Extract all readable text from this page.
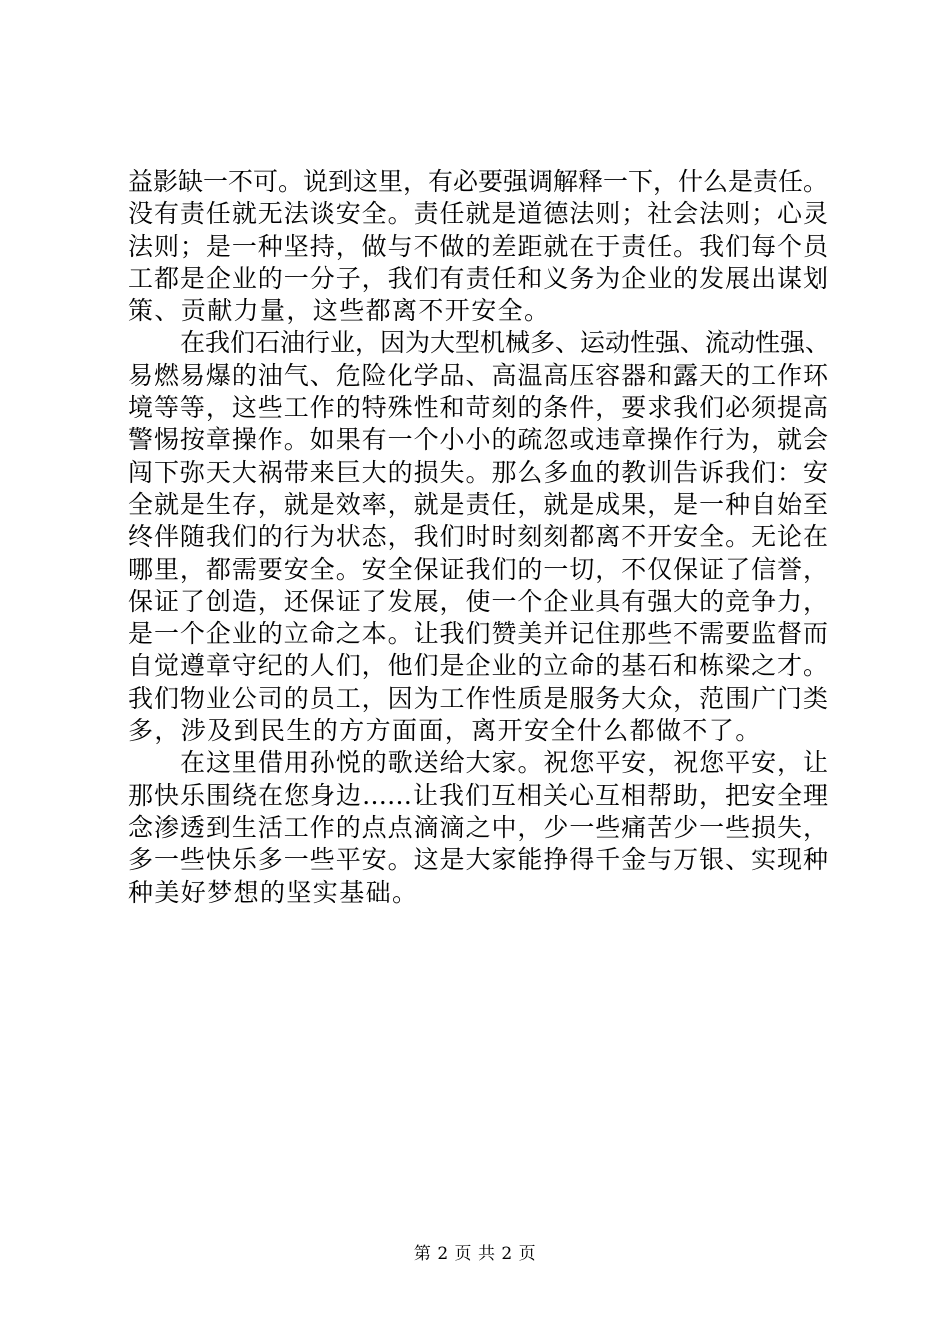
益影缺一不可。说到这里，有必要强调解释一下，什么是责任。
没有责任就无法谈安全。责任就是道德法则；社会法则；心灵
法则；是一种坚持，做与不做的差距就在于责任。我们每个员
工都是企业的一分子，我们有责任和义务为企业的发展出谋划
策、贡献力量，这些都离不开安全。
在我们石油行业，因为大型机械多、运动性强、流动性强、
易燃易爆的油气、危险化学品、高温高压容器和露天的工作环
境等等，这些工作的特殊性和苛刻的条件，要求我们必须提高
警惕按章操作。如果有一个小小的疏忽或违章操作行为，就会
闯下弥天大祸带来巨大的损失。那么多血的教训告诉我们：安
全就是生存，就是效率，就是责任，就是成果，是一种自始至
终伴随我们的行为状态，我们时时刻刻都离不开安全。无论在
哪里，都需要安全。安全保证我们的一切，不仅保证了信誉，
保证了创造，还保证了发展，使一个企业具有强大的竞争力，
是一个企业的立命之本。让我们赞美并记住那些不需要监督而
自觉遵章守纪的人们，他们是企业的立命的基石和栋梁之才。
我们物业公司的员工，因为工作性质是服务大众，范围广门类
多，涉及到民生的方方面面，离开安全什么都做不了。
在这里借用孙悦的歌送给大家。祝您平安，祝您平安，让
那快乐围绕在您身边……让我们互相关心互相帮助，把安全理
念渗透到生活工作的点点滴滴之中，少一些痛苦少一些损失，
多一些快乐多一些平安。这是大家能挣得千金与万银、实现种
种美好梦想的坚实基础。
第 2 页 共 2 页
